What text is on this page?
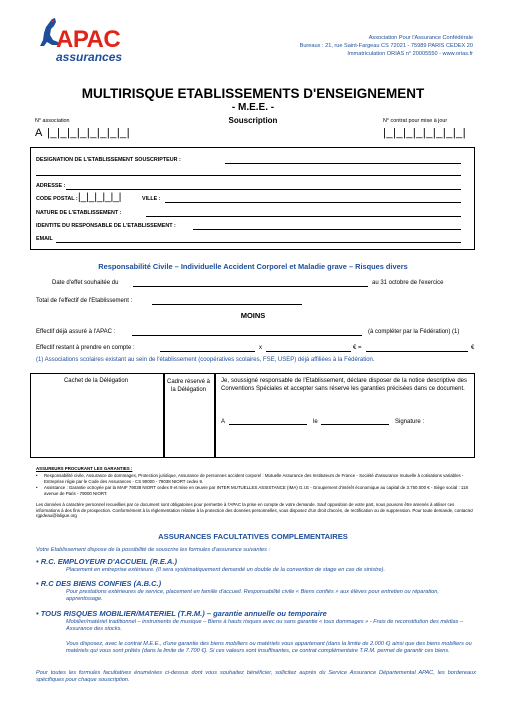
APAC
assurances
Association Pour l'Assurance Confédérale
Bureaux : 21, rue Saint-Fargeau CS 72021 - 75989 PARIS CEDEX 20
Immatriculation ORIAS n° 20005550 - www.orias.fr
MULTIRISQUE ETABLISSEMENTS D'ENSEIGNEMENT
- M.E.E. -
Souscription
N° association
A |_|_|_|_|_|_|_|_|
N° contrat pour mise à jour
|_|_|_|_|_|_|_|_|
DESIGNATION DE L'ETABLISSEMENT SOUSCRIPTEUR :
ADRESSE :
CODE POSTAL : |_|_|_|_|_|	VILLE :
NATURE DE L'ETABLISSEMENT :
IDENTITE DU RESPONSABLE DE L'ETABLISSEMENT :
EMAIL
Responsabilité Civile – Individuelle Accident Corporel et Maladie grave – Risques divers
Date d'effet souhaitée du	au 31 octobre de l'exercice
Total de l'effectif de l'Etablissement :
MOINS
Effectif déjà assuré à l'APAC :	(à compléter par la Fédération) (1)
Effectif restant à prendre en compte :	x	€ =	€
(1) Associations scolaires existant au sein de l'établissement (coopératives scolaires, FSE, USEP) déjà affiliées à la Fédération.
Cachet de la Délégation	Cadre réservé à la Délégation
Je, soussigné responsable de l'Etablissement, déclare disposer de la notice descriptive des Conventions Spéciales et accepter sans réserve les garanties précisées dans ce document.
A	le	Signature :
ASSUREURS PROCURANT LES GARANTIES :
• Responsabilité civile, Assurance de dommages, Protection juridique, Assurance de personnes accident corporel : Mutuelle Assurance des Instituteurs de France - Société d'assurance mutuelle à cotisations variables - Entreprise régie par le Code des Assurances - CS 90000 - 79038 NIORT cedex 9.
• Assistance : Garantie octroyée par la MAIF 79038 NIORT cedex 9 et mise en œuvre par INTER MUTUELLES ASSISTANCE (IMA) G.I.E - Groupement d'intérêt économique au capital de 3.750.000 € - Siège social : 118 avenue de Paris - 79000 NIORT.
Les données à caractère personnel recueillies par ce document sont obligatoires pour permettre à l'APAC la prise en compte de votre demande. Sauf opposition de votre part, nous pouvons être amenés à utiliser ces informations à des fins de prospection. Conformément à la réglementation relative à la protection des données personnelles, vous disposez d'un droit d'accès, de rectification ou de suppression. Pour toute demande, contactez rgpdeau@laligue.org
ASSURANCES FACULTATIVES COMPLEMENTAIRES
Votre Etablissement dispose de la possibilité de souscrire les formules d'assurance suivantes :
• R.C. EMPLOYEUR D'ACCUEIL (R.E.A.)
Placement en entreprise extérieure. (Il sera systématiquement demandé un double de la convention de stage en cas de sinistre).
• R.C DES BIENS CONFIES (A.B.C.)
Pour prestations extérieures de service, placement en famille d'accueil. Responsabilité civile « Biens confiés » aux élèves pour entretien ou réparation, apprentissage.
• TOUS RISQUES MOBILIER/MATERIEL (T.R.M.) – garantie annuelle ou temporaire
Mobilier/matériel traditionnel – instruments de musique – Biens à hauts risques avec ou sans garantie « tous dommages » - Frais de reconstitution des médias – Assurance des stocks.
Vous disposez, avec le contrat M.E.E., d'une garantie des biens mobiliers ou matériels vous appartenant (dans la limite de 2.000 €) ainsi que des biens mobiliers ou matériels qui vous sont prêtés (dans la limite de 7.700 €). Si ces valeurs sont insuffisantes, ce contrat complémentaire T.R.M. permet de garantir ces biens.
Pour toutes les formules facultatives énumérées ci-dessus dont vous souhaitez bénéficier, sollicitez auprès du Service Assurance Départemental APAC, les bordereaux spécifiques pour chaque souscription.
